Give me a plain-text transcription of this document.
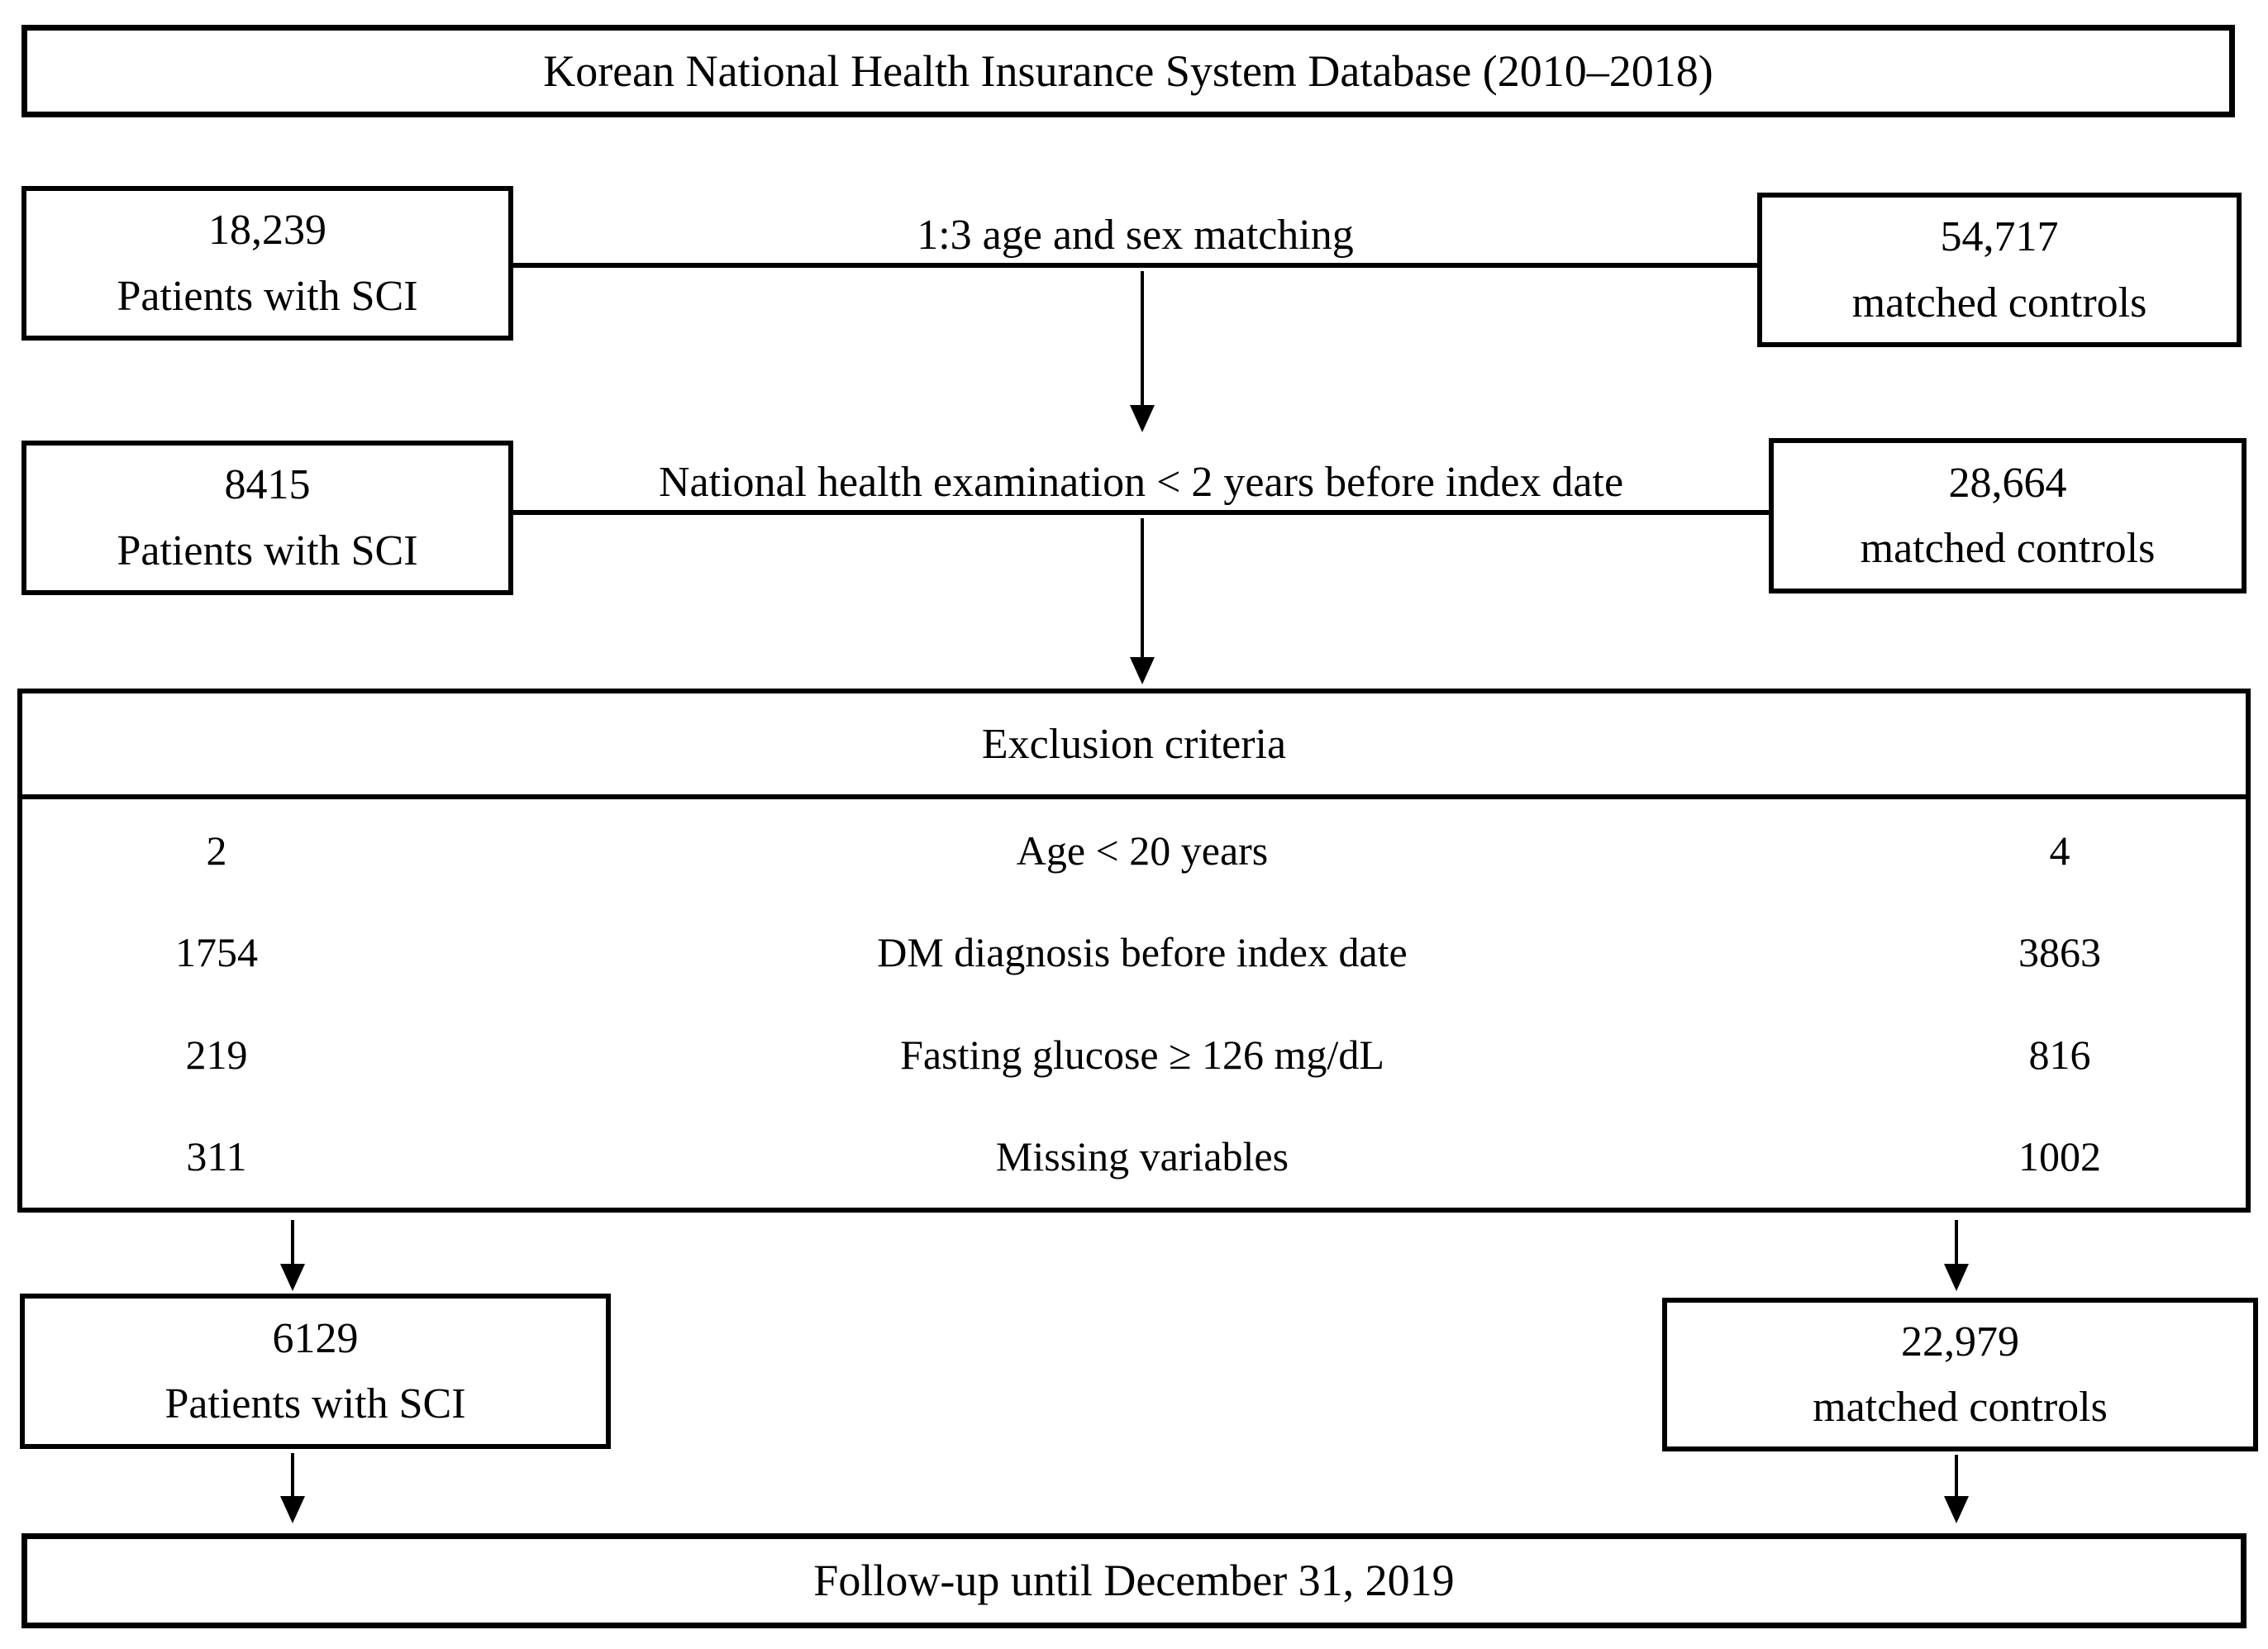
Korean National Health Insurance System Database (2010–2018)
1:3 age and sex matching
18,239
Patients with SCI
54,717
matched controls
National health examination < 2 years before index date
8415
Patients with SCI
28,664
matched controls
Exclusion criteria
2	Age < 20 years	4
1754	DM diagnosis before index date	3863
219	Fasting glucose ≥ 126 mg/dL	816
311	Missing variables	1002
6129
Patients with SCI
22,979
matched controls
Follow-up until December 31, 2019
